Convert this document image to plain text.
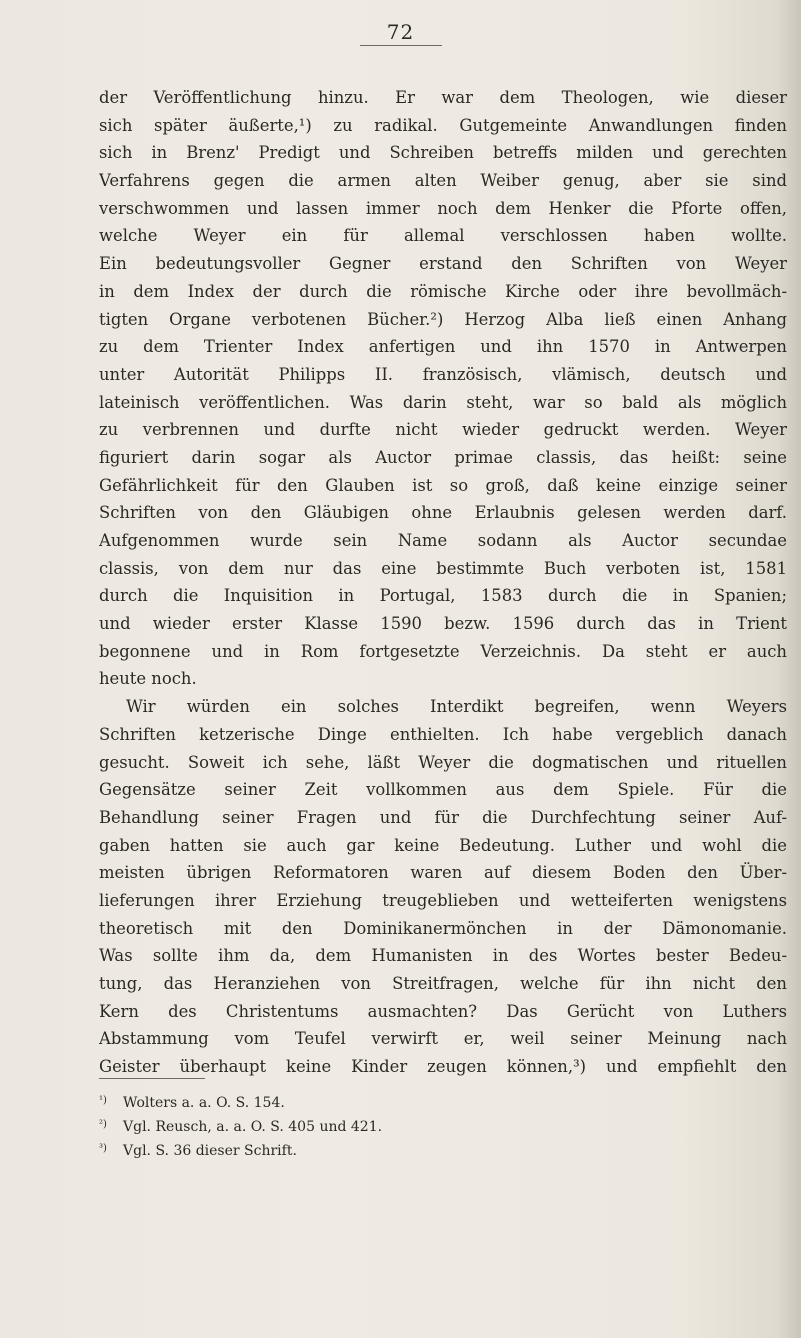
72
der Veröffentlichung hinzu. Er war dem Theologen, wie dieser
sich später äußerte,¹) zu radikal. Gutgemeinte Anwandlungen finden
sich in Brenz' Predigt und Schreiben betreffs milden und gerechten
Verfahrens gegen die armen alten Weiber genug, aber sie sind
verschwommen und lassen immer noch dem Henker die Pforte offen,
welche Weyer ein für allemal verschlossen haben wollte.
Ein bedeutungsvoller Gegner erstand den Schriften von Weyer
in dem Index der durch die römische Kirche oder ihre bevollmäch-
tigten Organe verbotenen Bücher.²) Herzog Alba ließ einen Anhang
zu dem Trienter Index anfertigen und ihn 1570 in Antwerpen
unter Autorität Philipps II. französisch, vlämisch, deutsch und
lateinisch veröffentlichen. Was darin steht, war so bald als möglich
zu verbrennen und durfte nicht wieder gedruckt werden. Weyer
figuriert darin sogar als Auctor primae classis, das heißt: seine
Gefährlichkeit für den Glauben ist so groß, daß keine einzige seiner
Schriften von den Gläubigen ohne Erlaubnis gelesen werden darf.
Aufgenommen wurde sein Name sodann als Auctor secundae
classis, von dem nur das eine bestimmte Buch verboten ist, 1581
durch die Inquisition in Portugal, 1583 durch die in Spanien;
und wieder erster Klasse 1590 bezw. 1596 durch das in Trient
begonnene und in Rom fortgesetzte Verzeichnis. Da steht er auch
heute noch.
Wir würden ein solches Interdikt begreifen, wenn Weyers
Schriften ketzerische Dinge enthielten. Ich habe vergeblich danach
gesucht. Soweit ich sehe, läßt Weyer die dogmatischen und rituellen
Gegensätze seiner Zeit vollkommen aus dem Spiele. Für die
Behandlung seiner Fragen und für die Durchfechtung seiner Auf-
gaben hatten sie auch gar keine Bedeutung. Luther und wohl die
meisten übrigen Reformatoren waren auf diesem Boden den Über-
lieferungen ihrer Erziehung treugeblieben und wetteiferten wenigstens
theoretisch mit den Dominikanermönchen in der Dämonomanie.
Was sollte ihm da, dem Humanisten in des Wortes bester Bedeu-
tung, das Heranziehen von Streitfragen, welche für ihn nicht den
Kern des Christentums ausmachten? Das Gerücht von Luthers
Abstammung vom Teufel verwirft er, weil seiner Meinung nach
Geister überhaupt keine Kinder zeugen können,³) und empfiehlt den
¹) Wolters a. a. O. S. 154.
²) Vgl. Reusch, a. a. O. S. 405 und 421.
³) Vgl. S. 36 dieser Schrift.
